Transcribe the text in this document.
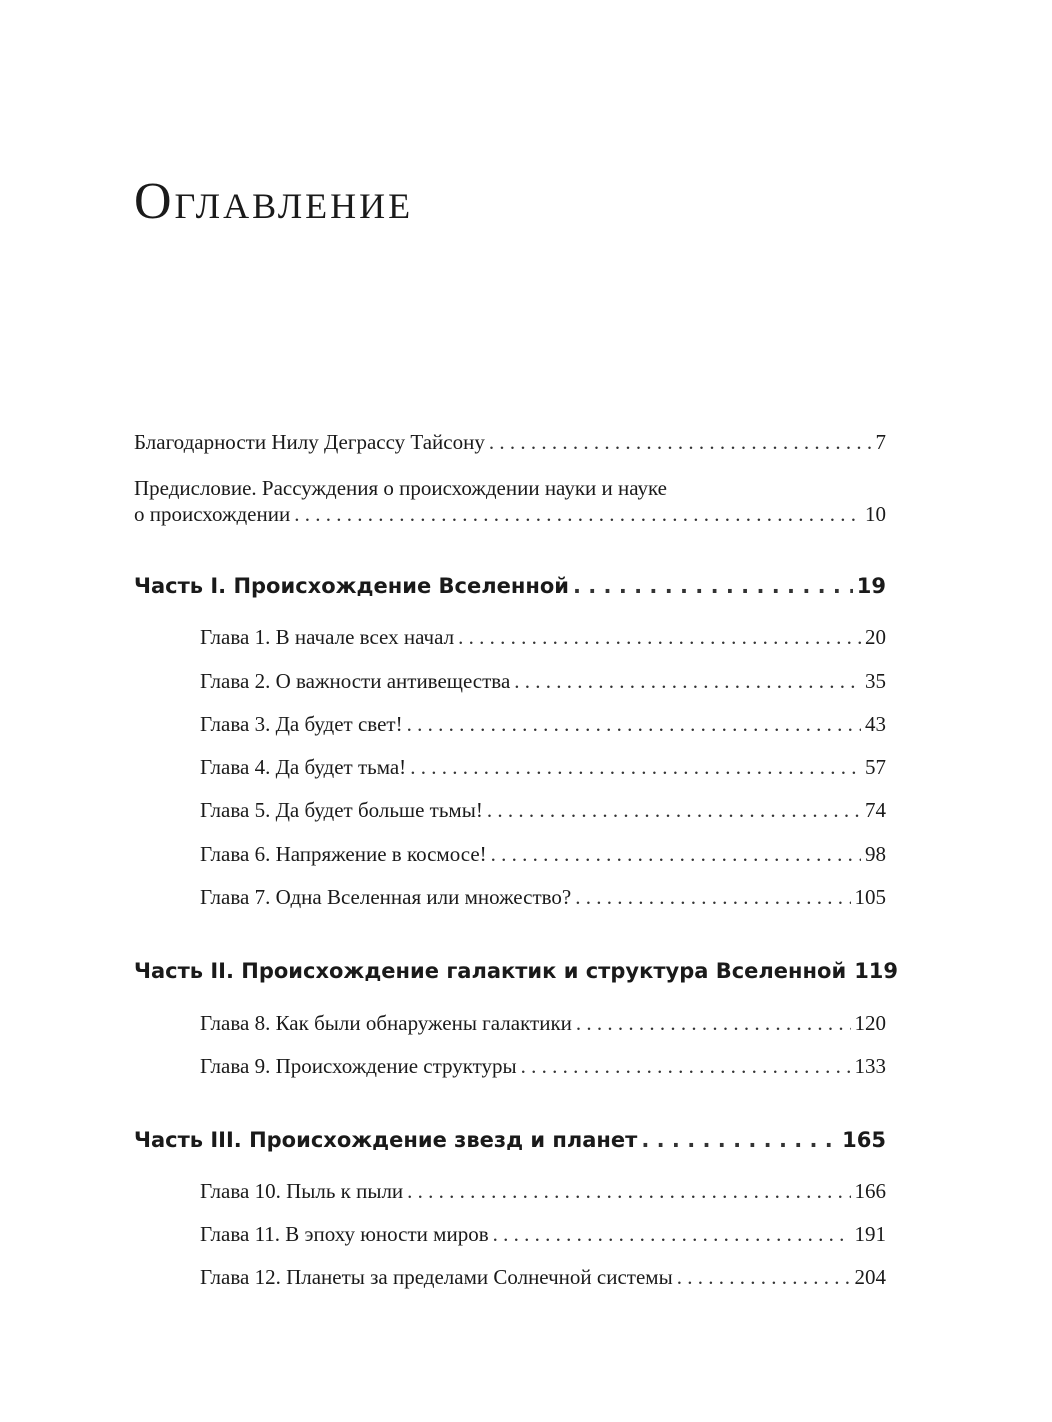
Оглавление
Благодарности Нилу Деграссу Тайсону . . .	7
Предисловие. Рассуждения о происхождении науки и науке
о происхождении . . .	10
Часть I. Происхождение Вселенной . . .	19
Глава 1. В начале всех начал . . .	20
Глава 2. О важности антивещества . . .	35
Глава 3. Да будет свет! . . .	43
Глава 4. Да будет тьма! . . .	57
Глава 5. Да будет больше тьмы! . . .	74
Глава 6. Напряжение в космосе! . . .	98
Глава 7. Одна Вселенная или множество? . . .	105
Часть II. Происхождение галактик и структура Вселенной 119
Глава 8. Как были обнаружены галактики . . .	120
Глава 9. Происхождение структуры . . .	133
Часть III. Происхождение звезд и планет . . .	165
Глава 10. Пыль к пыли . . .	166
Глава 11. В эпоху юности миров . . .	191
Глава 12. Планеты за пределами Солнечной системы . . .	204
